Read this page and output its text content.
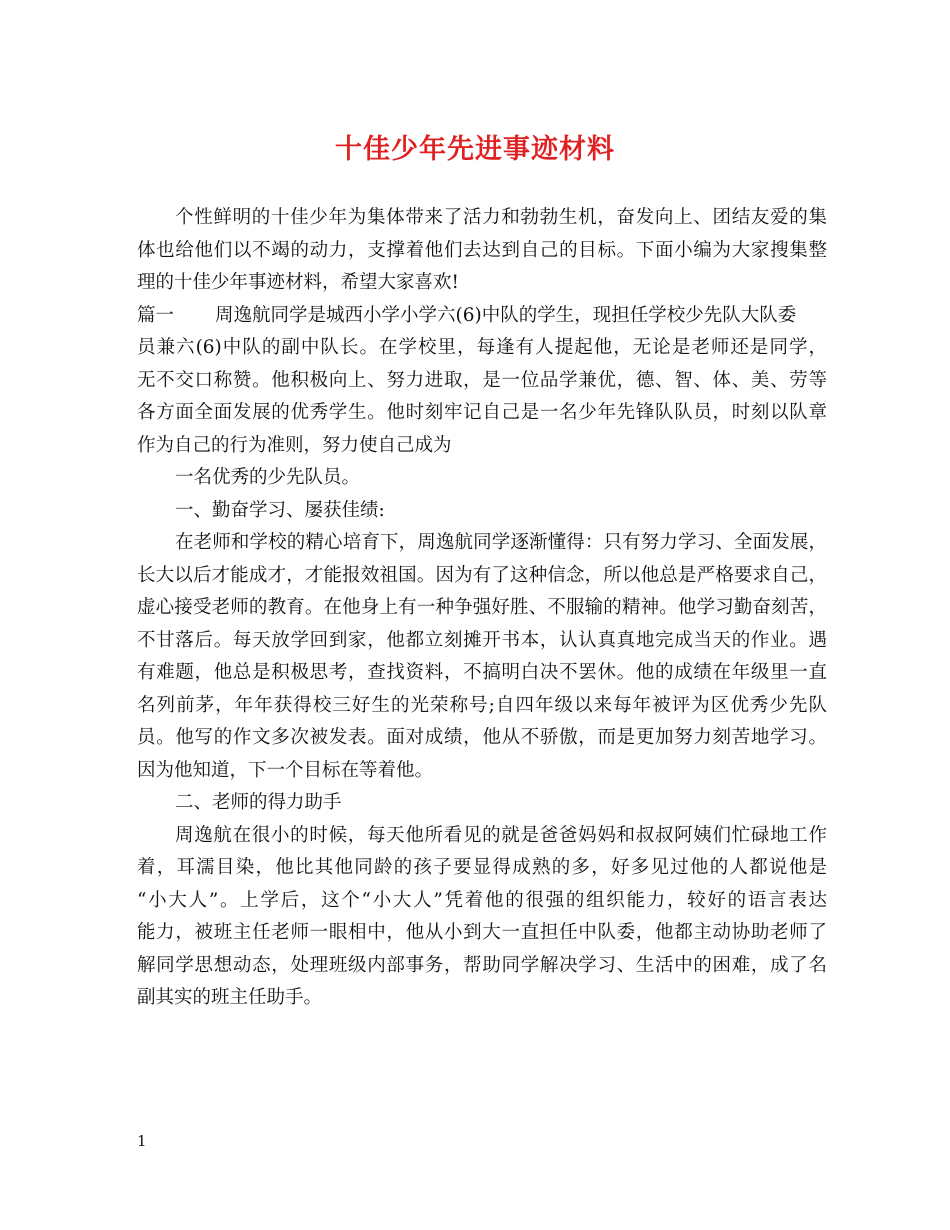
十佳少年先进事迹材料
个性鲜明的十佳少年为集体带来了活力和勃勃生机，奋发向上、团结友爱的集
体也给他们以不竭的动力，支撑着他们去达到自己的目标。下面小编为大家搜集整
理的十佳少年事迹材料，希望大家喜欢!
篇一 周逸航同学是城西小学小学六(6)中队的学生，现担任学校少先队大队委
员兼六(6)中队的副中队长。在学校里，每逢有人提起他，无论是老师还是同学，
无不交口称赞。他积极向上、努力进取，是一位品学兼优，德、智、体、美、劳等
各方面全面发展的优秀学生。他时刻牢记自己是一名少年先锋队队员，时刻以队章
作为自己的行为准则，努力使自己成为
一名优秀的少先队员。
一、勤奋学习、屡获佳绩:
在老师和学校的精心培育下，周逸航同学逐渐懂得：只有努力学习、全面发展，
长大以后才能成才，才能报效祖国。因为有了这种信念，所以他总是严格要求自己，
虚心接受老师的教育。在他身上有一种争强好胜、不服输的精神。他学习勤奋刻苦，
不甘落后。每天放学回到家，他都立刻摊开书本，认认真真地完成当天的作业。遇
有难题，他总是积极思考，查找资料，不搞明白决不罢休。他的成绩在年级里一直
名列前茅，年年获得校三好生的光荣称号;自四年级以来每年被评为区优秀少先队
员。他写的作文多次被发表。面对成绩，他从不骄傲，而是更加努力刻苦地学习。
因为他知道，下一个目标在等着他。
二、老师的得力助手
周逸航在很小的时候，每天他所看见的就是爸爸妈妈和叔叔阿姨们忙碌地工作
着，耳濡目染，他比其他同龄的孩子要显得成熟的多，好多见过他的人都说他是
“小大人”。上学后，这个“小大人”凭着他的很强的组织能力，较好的语言表达
能力，被班主任老师一眼相中，他从小到大一直担任中队委，他都主动协助老师了
解同学思想动态，处理班级内部事务，帮助同学解决学习、生活中的困难，成了名
副其实的班主任助手。
1
